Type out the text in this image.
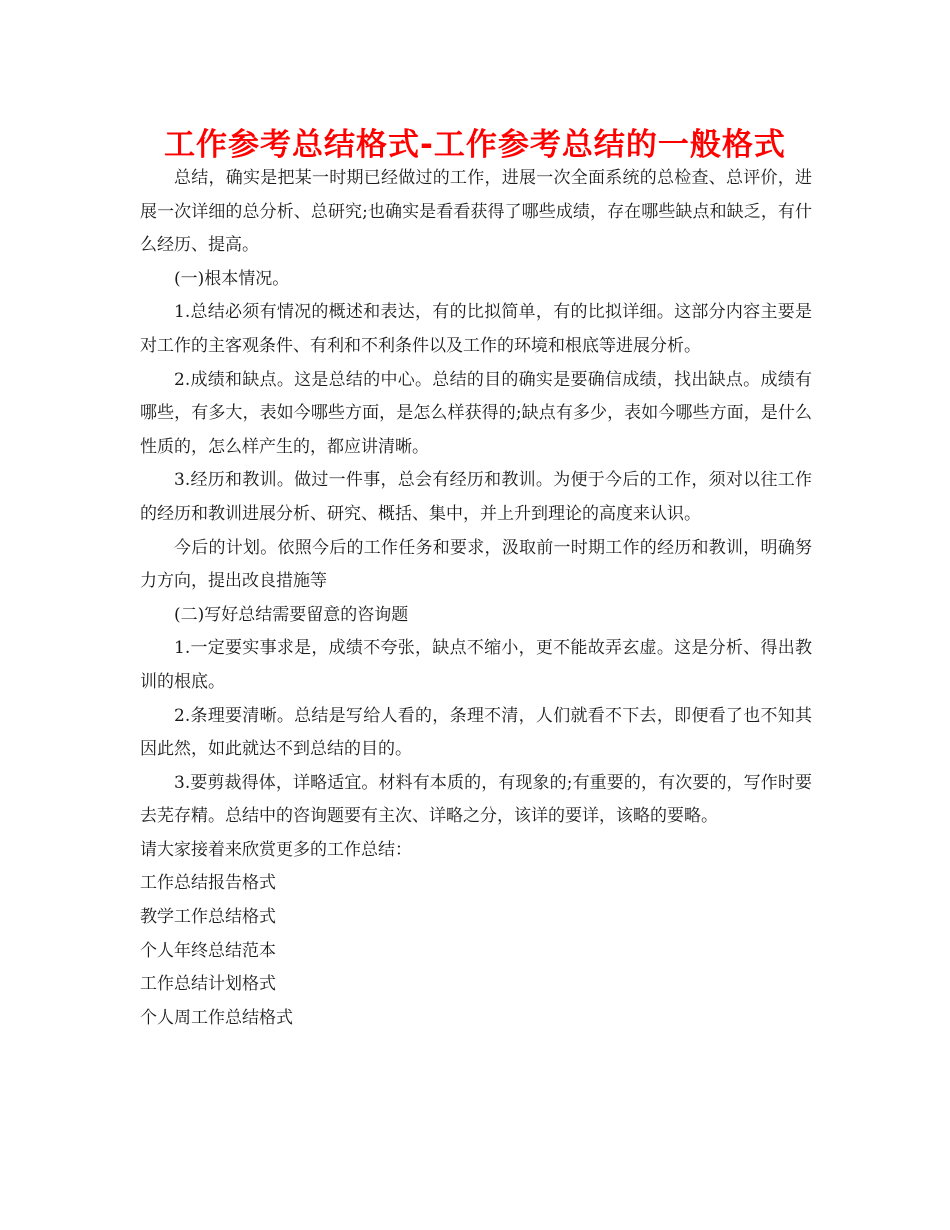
工作参考总结格式-工作参考总结的一般格式

总结，确实是把某一时期已经做过的工作，进展一次全面系统的总检查、总评价，进展一次详细的总分析、总研究;也确实是看看获得了哪些成绩，存在哪些缺点和缺乏，有什么经历、提高。

(一)根本情况。

1.总结必须有情况的概述和表达，有的比拟简单，有的比拟详细。这部分内容主要是对工作的主客观条件、有利和不利条件以及工作的环境和根底等进展分析。

2.成绩和缺点。这是总结的中心。总结的目的确实是要确信成绩，找出缺点。成绩有哪些，有多大，表如今哪些方面，是怎么样获得的;缺点有多少，表如今哪些方面，是什么性质的，怎么样产生的，都应讲清晰。

3.经历和教训。做过一件事，总会有经历和教训。为便于今后的工作，须对以往工作的经历和教训进展分析、研究、概括、集中，并上升到理论的高度来认识。

今后的计划。依照今后的工作任务和要求，汲取前一时期工作的经历和教训，明确努力方向，提出改良措施等

(二)写好总结需要留意的咨询题

1.一定要实事求是，成绩不夸张，缺点不缩小，更不能故弄玄虚。这是分析、得出教训的根底。

2.条理要清晰。总结是写给人看的，条理不清，人们就看不下去，即便看了也不知其因此然，如此就达不到总结的目的。

3.要剪裁得体，详略适宜。材料有本质的，有现象的;有重要的，有次要的，写作时要去芜存精。总结中的咨询题要有主次、详略之分，该详的要详，该略的要略。

请大家接着来欣赏更多的工作总结：

工作总结报告格式

教学工作总结格式

个人年终总结范本

工作总结计划格式

个人周工作总结格式
